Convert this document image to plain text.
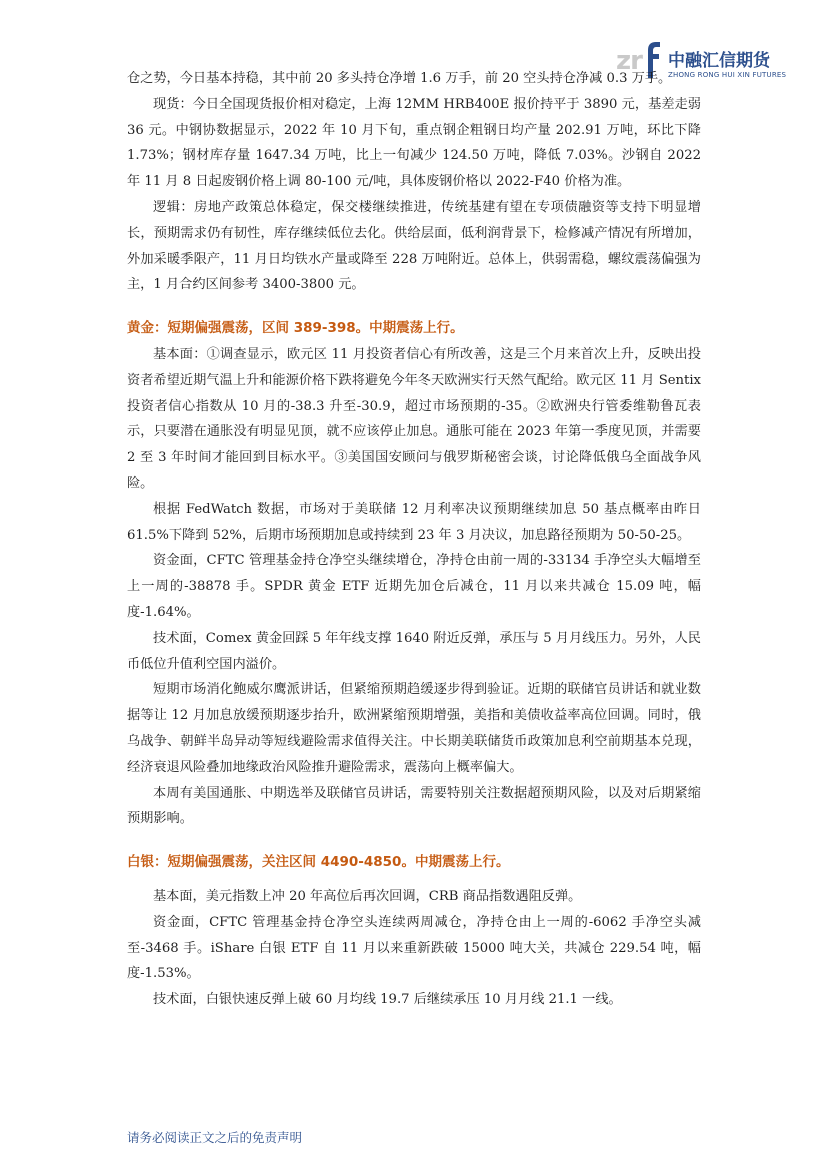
zr 中融汇信期货
ZHONG RONG HUI XIN FUTURES

仓之势，今日基本持稳，其中前 20 多头持仓净增 1.6 万手，前 20 空头持仓净减 0.3 万手。

现货：今日全国现货报价相对稳定，上海 12MM HRB400E 报价持平于 3890 元，基差走弱 36 元。中钢协数据显示，2022 年 10 月下旬，重点钢企粗钢日均产量 202.91 万吨，环比下降 1.73%；钢材库存量 1647.34 万吨，比上一旬减少 124.50 万吨，降低 7.03%。沙钢自 2022 年 11 月 8 日起废钢价格上调 80-100 元/吨，具体废钢价格以 2022-F40 价格为准。

逻辑：房地产政策总体稳定，保交楼继续推进，传统基建有望在专项债融资等支持下明显增长，预期需求仍有韧性，库存继续低位去化。供给层面，低利润背景下，检修减产情况有所增加，外加采暖季限产，11 月日均铁水产量或降至 228 万吨附近。总体上，供弱需稳，螺纹震荡偏强为主，1 月合约区间参考 3400-3800 元。

黄金：短期偏强震荡，区间 389-398。中期震荡上行。

基本面：①调查显示，欧元区 11 月投资者信心有所改善，这是三个月来首次上升，反映出投资者希望近期气温上升和能源价格下跌将避免今年冬天欧洲实行天然气配给。欧元区 11 月 Sentix 投资者信心指数从 10 月的-38.3 升至-30.9，超过市场预期的-35。②欧洲央行管委维勒鲁瓦表示，只要潜在通胀没有明显见顶，就不应该停止加息。通胀可能在 2023 年第一季度见顶，并需要 2 至 3 年时间才能回到目标水平。③美国国安顾问与俄罗斯秘密会谈，讨论降低俄乌全面战争风险。

根据 FedWatch 数据，市场对于美联储 12 月利率决议预期继续加息 50 基点概率由昨日 61.5%下降到 52%，后期市场预期加息或持续到 23 年 3 月决议，加息路径预期为 50-50-25。

资金面，CFTC 管理基金持仓净空头继续增仓，净持仓由前一周的-33134 手净空头大幅增至上一周的-38878 手。SPDR 黄金 ETF 近期先加仓后减仓，11 月以来共减仓 15.09 吨，幅度-1.64%。

技术面，Comex 黄金回踩 5 年年线支撑 1640 附近反弹，承压与 5 月月线压力。另外，人民币低位升值利空国内溢价。

短期市场消化鲍威尔鹰派讲话，但紧缩预期趋缓逐步得到验证。近期的联储官员讲话和就业数据等让 12 月加息放缓预期逐步抬升，欧洲紧缩预期增强，美指和美债收益率高位回调。同时，俄乌战争、朝鲜半岛异动等短线避险需求值得关注。中长期美联储货币政策加息利空前期基本兑现，经济衰退风险叠加地缘政治风险推升避险需求，震荡向上概率偏大。

本周有美国通胀、中期选举及联储官员讲话，需要特别关注数据超预期风险，以及对后期紧缩预期影响。

白银：短期偏强震荡，关注区间 4490-4850。中期震荡上行。

基本面，美元指数上冲 20 年高位后再次回调，CRB 商品指数遇阻反弹。

资金面，CFTC 管理基金持仓净空头连续两周减仓，净持仓由上一周的-6062 手净空头减至-3468 手。iShare 白银 ETF 自 11 月以来重新跌破 15000 吨大关，共减仓 229.54 吨，幅度-1.53%。

技术面，白银快速反弹上破 60 月均线 19.7 后继续承压 10 月月线 21.1 一线。

请务必阅读正文之后的免责声明
